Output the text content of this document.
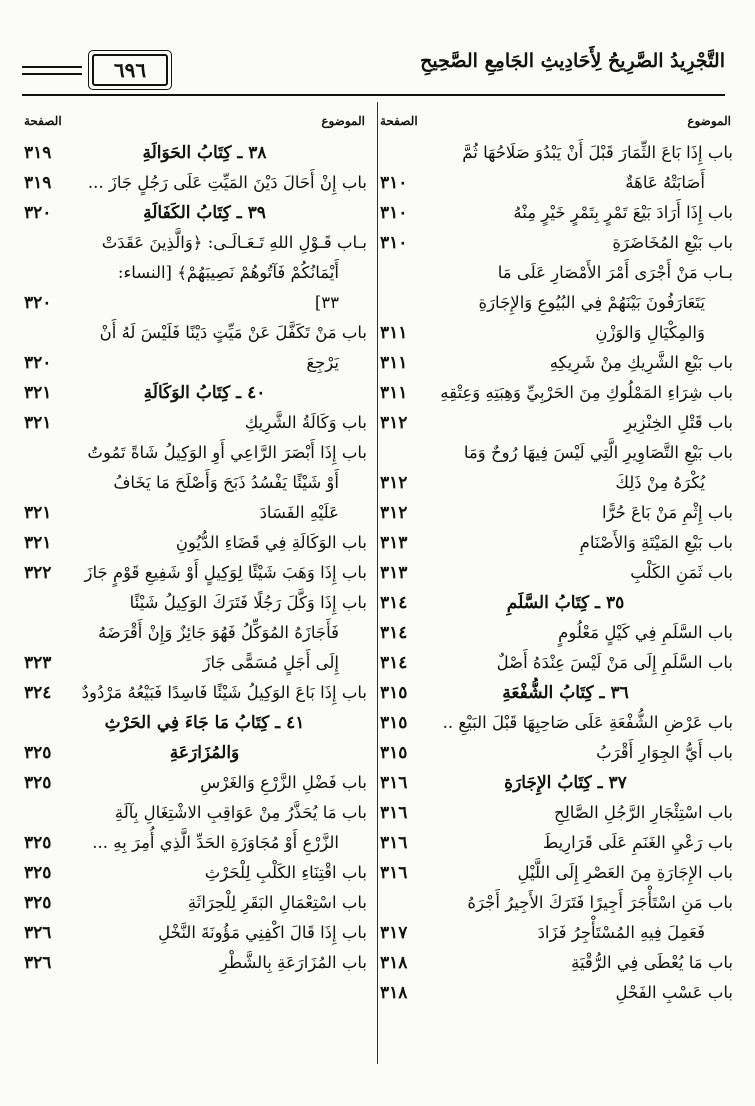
التَّجْرِيدُ الصَّرِيحُ لِأَحَادِيثِ الجَامِعِ الصَّحِيحِ
٦٩٦
الموضوع
الصفحة
باب إِذَا بَاعَ الثِّمَارَ قَبْلَ أَنْ يَبْدُوَ صَلَاحُهَا ثُمَّ
أَصَابَتْهُ عَاهَةٌ
٣١٠
باب إِذَا أَرَادَ بَيْعَ تَمْرٍ بِتَمْرٍ خَيْرٍ مِنْهُ
٣١٠
باب بَيْعِ المُخَاضَرَةِ
٣١٠
بـاب مَنْ أَجْرَى أَمْرَ الأَمْصَارِ عَلَى مَا
يَتَعَارَفُونَ بَيْنَهُمْ فِي البُيُوعِ وَالإِجَارَةِ
وَالمِكْيَالِ وَالوَزْنِ
٣١١
باب بَيْعِ الشَّرِيكِ مِنْ شَرِيكِهِ
٣١١
باب شِرَاءِ المَمْلُوكِ مِنَ الحَرْبِيِّ وَهِبَتِهِ وَعِتْقِهِ
٣١١
باب قَتْلِ الخِنْزِيرِ
٣١٢
باب بَيْعِ التَّصَاوِيرِ الَّتِي لَيْسَ فِيهَا رُوحٌ وَمَا
يُكْرَهُ مِنْ ذَلِكَ
٣١٢
باب إِثْمِ مَنْ بَاعَ حُرًّا
٣١٢
باب بَيْعِ المَيْتَةِ وَالأَصْنَامِ
٣١٣
باب ثَمَنِ الكَلْبِ
٣١٣
٣٥ ـ كِتَابُ السَّلَمِ
٣١٤
باب السَّلَمِ فِي كَيْلٍ مَعْلُومٍ
٣١٤
باب السَّلَمِ إِلَى مَنْ لَيْسَ عِنْدَهُ أَصْلٌ
٣١٤
٣٦ ـ كِتَابُ الشُّفْعَةِ
٣١٥
باب عَرْضِ الشُّفْعَةِ عَلَى صَاحِبِهَا قَبْلَ البَيْعِ ..
٣١٥
باب أَيُّ الجِوَارِ أَقْرَبُ
٣١٥
٣٧ ـ كِتَابُ الإِجَارَةِ
٣١٦
باب اسْتِئْجَارِ الرَّجُلِ الصَّالِحِ
٣١٦
باب رَعْيِ الغَنَمِ عَلَى قَرَارِيطَ
٣١٦
باب الإِجَارَةِ مِنَ العَصْرِ إِلَى اللَّيْلِ
٣١٦
باب مَنِ اسْتَأْجَرَ أَجِيرًا فَتَرَكَ الأَجِيرُ أَجْرَهُ
فَعَمِلَ فِيهِ المُسْتَأْجِرُ فَزَادَ
٣١٧
باب مَا يُعْطَى فِي الرُّقْيَةِ
٣١٨
باب عَسْبِ الفَحْلِ
٣١٨
الموضوع
الصفحة
٣٨ ـ كِتَابُ الحَوَالَةِ
٣١٩
باب إِنْ أَحَالَ دَيْنَ المَيِّتِ عَلَى رَجُلٍ جَازَ ...
٣١٩
٣٩ ـ كِتَابُ الكَفَالَةِ
٣٢٠
بـاب قَـوْلِ اللهِ تَـعَـالَـى: ﴿وَالَّذِينَ عَقَدَتْ
أَيْمَانُكُمْ فَآتُوهُمْ نَصِيبَهُمْ﴾ [النساء:
٣٣]
٣٢٠
باب مَنْ تَكَفَّلَ عَنْ مَيِّتٍ دَيْنًا فَلَيْسَ لَهُ أَنْ
يَرْجِعَ
٣٢٠
٤٠ ـ كِتَابُ الوَكَالَةِ
٣٢١
باب وَكَالَةُ الشَّرِيكِ
٣٢١
باب إِذَا أَبْصَرَ الرَّاعِي أَوِ الوَكِيلُ شَاةً تَمُوتُ
أَوْ شَيْئًا يَفْسُدُ ذَبَحَ وَأَصْلَحَ مَا يَخَافُ
عَلَيْهِ الفَسَادَ
٣٢١
باب الوَكَالَةِ فِي قَضَاءِ الدُّيُونِ
٣٢١
باب إِذَا وَهَبَ شَيْئًا لِوَكِيلٍ أَوْ شَفِيعِ قَوْمٍ جَازَ
٣٢٢
باب إِذَا وَكَّلَ رَجُلًا فَتَرَكَ الوَكِيلُ شَيْئًا
فَأَجَازَهُ المُوَكِّلُ فَهُوَ جَائِزٌ وَإِنْ أَقْرَضَهُ
إِلَى أَجَلٍ مُسَمًّى جَازَ
٣٢٣
باب إِذَا بَاعَ الوَكِيلُ شَيْئًا فَاسِدًا فَبَيْعُهُ مَرْدُودٌ
٣٢٤
٤١ ـ كِتَابُ مَا جَاءَ فِي الحَرْثِ
وَالمُزَارَعَةِ
٣٢٥
باب فَضْلِ الزَّرْعِ وَالغَرْسِ
٣٢٥
باب مَا يُحَذَّرُ مِنْ عَوَاقِبِ الاشْتِغَالِ بِآلَةِ
الزَّرْعِ أَوْ مُجَاوَزَةِ الحَدِّ الَّذِي أُمِرَ بِهِ ...
٣٢٥
باب اقْتِنَاءِ الكَلْبِ لِلْحَرْثِ
٣٢٥
باب اسْتِعْمَالِ البَقَرِ لِلْحِرَاثَةِ
٣٢٥
باب إِذَا قَالَ اكْفِنِي مَؤُونَةَ النَّخْلِ
٣٢٦
باب المُزَارَعَةِ بِالشَّطْرِ
٣٢٦
